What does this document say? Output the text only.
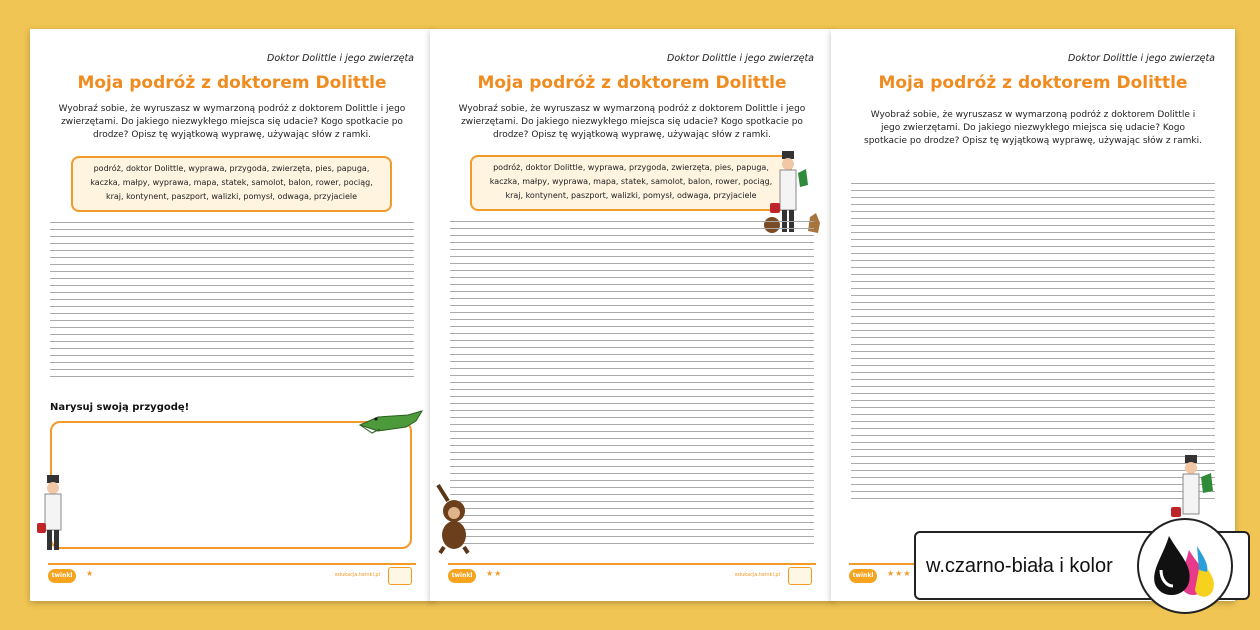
Doktor Dolittle i jego zwierzęta
Moja podróż z doktorem Dolittle
Wyobraź sobie, że wyruszasz w wymarzoną podróż z doktorem Dolittle i jego zwierzętami. Do jakiego niezwykłego miejsca się udacie? Kogo spotkacie po drodze? Opisz tę wyjątkową wyprawę, używając słów z ramki.
podróż, doktor Dolittle, wyprawa, przygoda, zwierzęta, pies, papuga, kaczka, małpy, wyprawa, mapa, statek, samolot, balon, rower, pociąg, kraj, kontynent, paszport, walizki, pomysł, odwaga, przyjaciele
Narysuj swoją przygodę!
twinkl	★	edukacja.twinkl.pl
Doktor Dolittle i jego zwierzęta
Moja podróż z doktorem Dolittle
Wyobraź sobie, że wyruszasz w wymarzoną podróż z doktorem Dolittle i jego zwierzętami. Do jakiego niezwykłego miejsca się udacie? Kogo spotkacie po drodze? Opisz tę wyjątkową wyprawę, używając słów z ramki.
podróż, doktor Dolittle, wyprawa, przygoda, zwierzęta, pies, papuga, kaczka, małpy, wyprawa, mapa, statek, samolot, balon, rower, pociąg, kraj, kontynent, paszport, walizki, pomysł, odwaga, przyjaciele
twinkl	★★	edukacja.twinkl.pl
Doktor Dolittle i jego zwierzęta
Moja podróż z doktorem Dolittle
Wyobraź sobie, że wyruszasz w wymarzoną podróż z doktorem Dolittle i jego zwierzętami. Do jakiego niezwykłego miejsca się udacie? Kogo spotkacie po drodze? Opisz tę wyjątkową wyprawę, używając słów z ramki.
twinkl	★★★ w.czarno-biała i kolor
